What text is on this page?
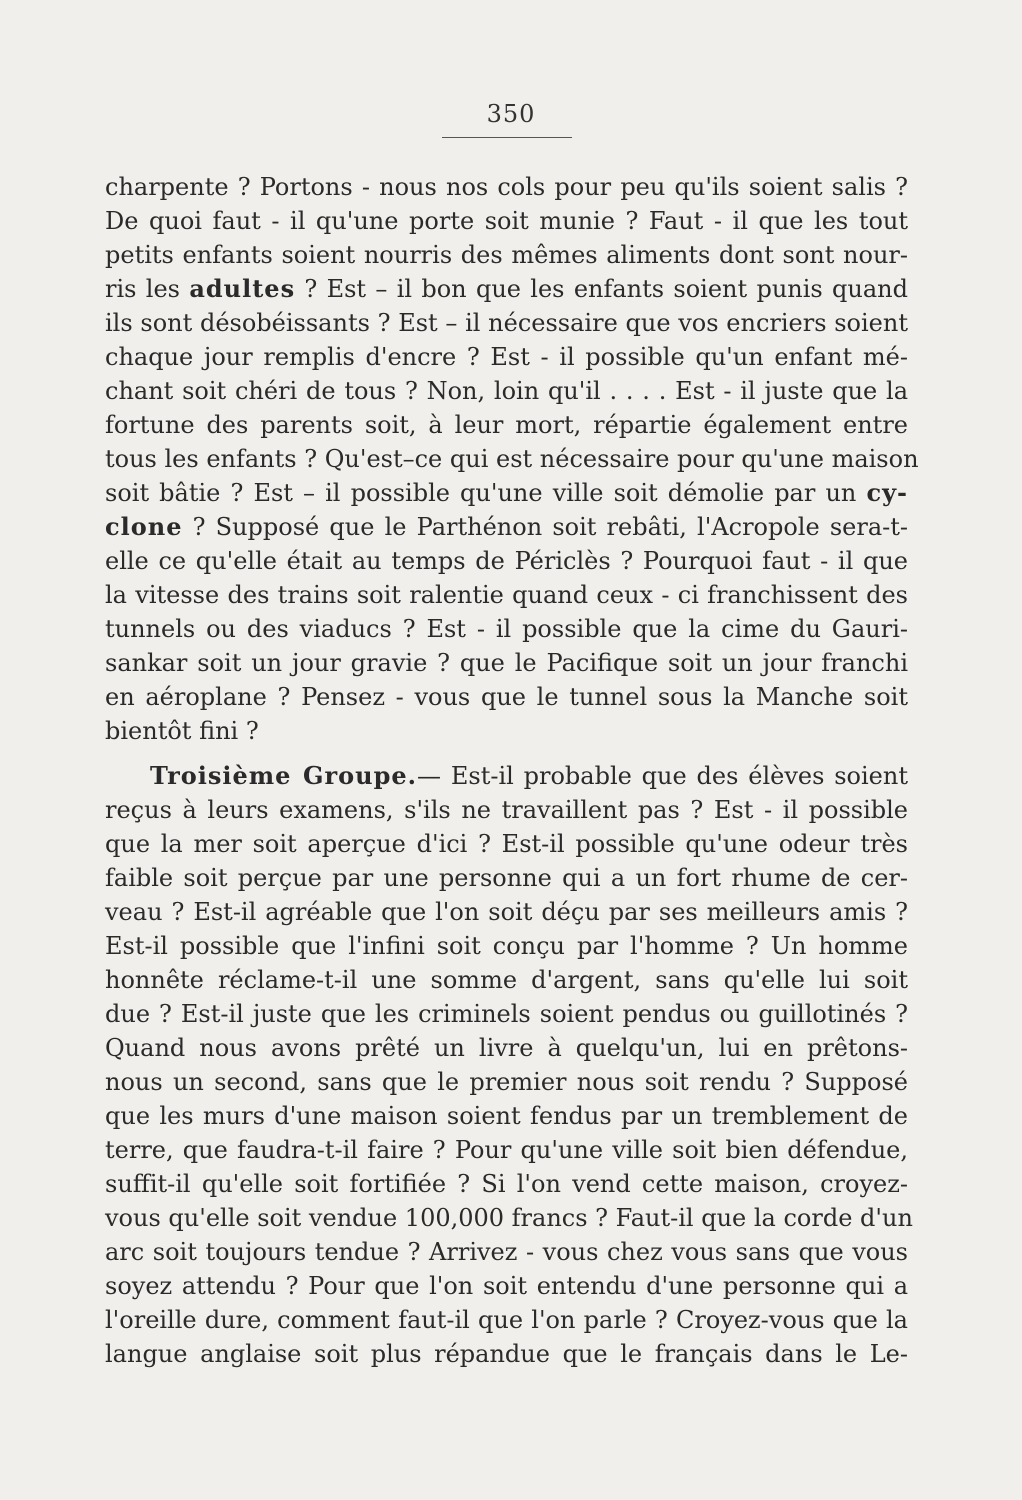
350
charpente ? Portons - nous nos cols pour peu qu'ils soient salis ?
De quoi faut - il qu'une porte soit munie ? Faut - il que les tout
petits enfants soient nourris des mêmes aliments dont sont nour-
ris les adultes ? Est – il bon que les enfants soient punis quand
ils sont désobéissants ? Est – il nécessaire que vos encriers soient
chaque jour remplis d'encre ? Est - il possible qu'un enfant mé-
chant soit chéri de tous ? Non, loin qu'il . . . . Est - il juste que la
fortune des parents soit, à leur mort, répartie également entre
tous les enfants ? Qu'est–ce qui est nécessaire pour qu'une maison
soit bâtie ? Est – il possible qu'une ville soit démolie par un cy-
clone ? Supposé que le Parthénon soit rebâti, l'Acropole sera-t-
elle ce qu'elle était au temps de Périclès ? Pourquoi faut - il que
la vitesse des trains soit ralentie quand ceux - ci franchissent des
tunnels ou des viaducs ? Est - il possible que la cime du Gauri-
sankar soit un jour gravie ? que le Pacifique soit un jour franchi
en aéroplane ? Pensez - vous que le tunnel sous la Manche soit
bientôt fini ?
Troisième Groupe.— Est-il probable que des élèves soient
reçus à leurs examens, s'ils ne travaillent pas ? Est - il possible
que la mer soit aperçue d'ici ? Est-il possible qu'une odeur très
faible soit perçue par une personne qui a un fort rhume de cer-
veau ? Est-il agréable que l'on soit déçu par ses meilleurs amis ?
Est-il possible que l'infini soit conçu par l'homme ? Un homme
honnête réclame-t-il une somme d'argent, sans qu'elle lui soit
due ? Est-il juste que les criminels soient pendus ou guillotinés ?
Quand nous avons prêté un livre à quelqu'un, lui en prêtons-
nous un second, sans que le premier nous soit rendu ? Supposé
que les murs d'une maison soient fendus par un tremblement de
terre, que faudra-t-il faire ? Pour qu'une ville soit bien défendue,
suffit-il qu'elle soit fortifiée ? Si l'on vend cette maison, croyez-
vous qu'elle soit vendue 100,000 francs ? Faut-il que la corde d'un
arc soit toujours tendue ? Arrivez - vous chez vous sans que vous
soyez attendu ? Pour que l'on soit entendu d'une personne qui a
l'oreille dure, comment faut-il que l'on parle ? Croyez-vous que la
langue anglaise soit plus répandue que le français dans le Le-
